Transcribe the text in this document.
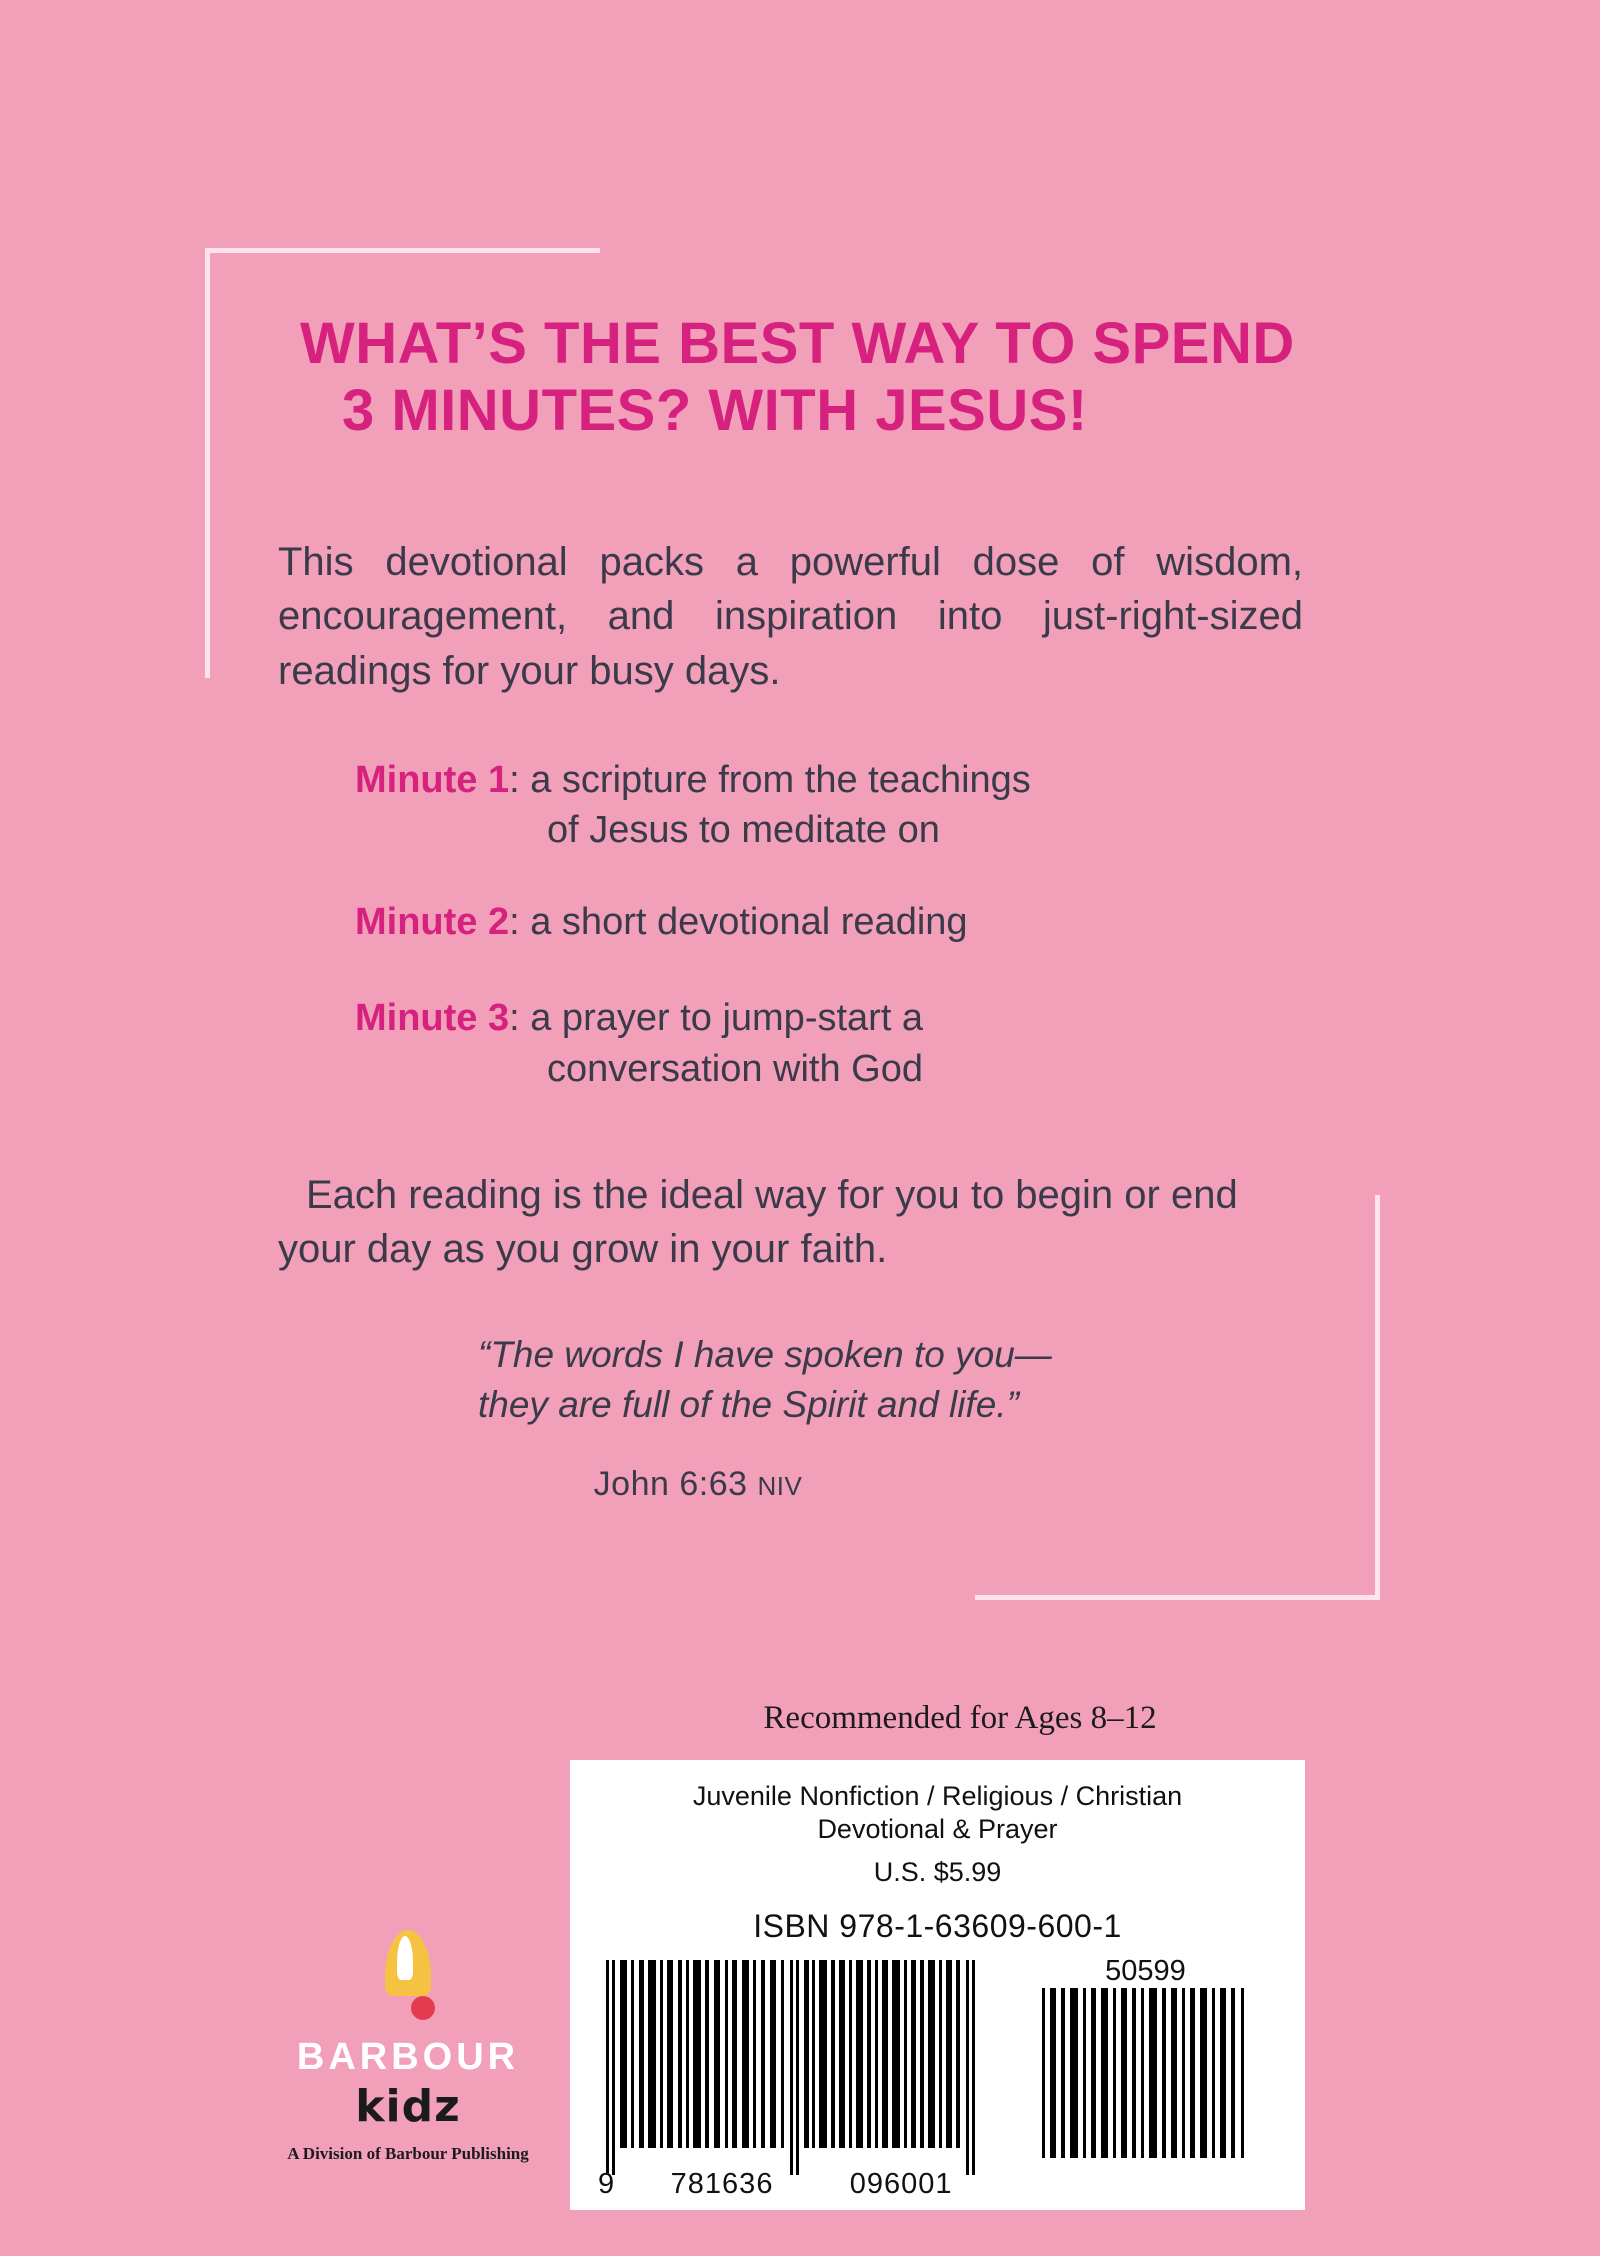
WHAT’S THE BEST WAY TO SPEND
3 MINUTES? WITH JESUS!
This devotional packs a powerful dose of wisdom, encouragement, and inspiration into just-right-sized readings for your busy days.
Minute 1: a scripture from the teachings
of Jesus to meditate on
Minute 2: a short devotional reading
Minute 3: a prayer to jump-start a
conversation with God
Each reading is the ideal way for you to begin or end your day as you grow in your faith.
“The words I have spoken to you—
they are full of the Spirit and life.”
John 6:63 NIV
Recommended for Ages 8–12
Juvenile Nonfiction / Religious / Christian
Devotional & Prayer
U.S. $5.99
ISBN 978-1-63609-600-1
9 781636	096001
50599
BARBOUR
kidz
A Division of Barbour Publishing
